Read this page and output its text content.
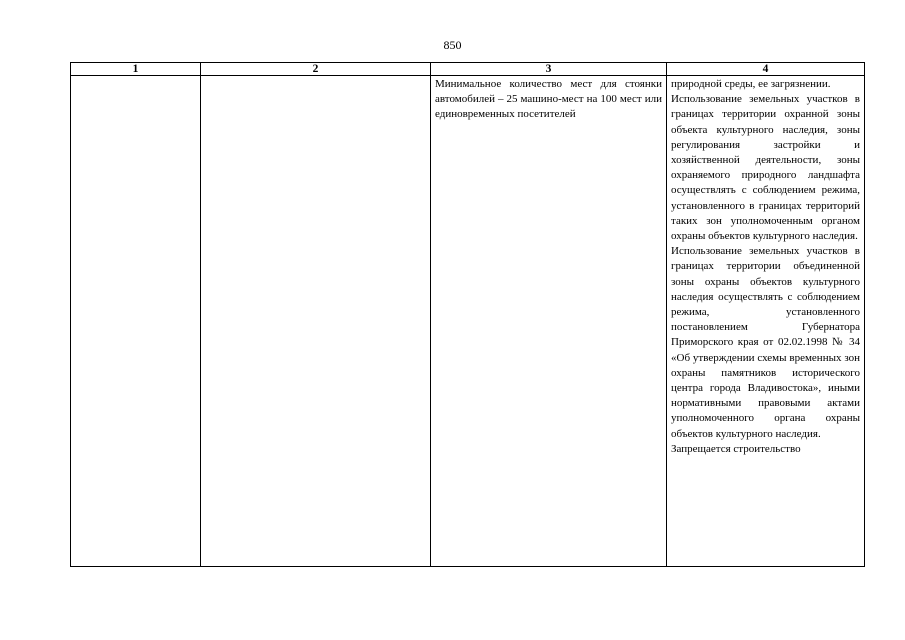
850
1	2	3	4

		Минимальное количество мест для стоянки автомобилей – 25 машино-мест на 100 мест или единовременных посетителей	природной среды, ее загрязнении.

Использование земельных участков в границах территории охранной зоны объекта культурного наследия, зоны регулирования застройки и хозяйственной деятельности, зоны охраняемого природного ландшафта осуществлять с соблюдением режима, установленного в границах территорий таких зон уполномоченным органом охраны объектов культурного наследия.

Использование земельных участков в границах территории объединенной зоны охраны объектов культурного наследия осуществлять с соблюдением режима, установленного постановлением Губернатора Приморского края от 02.02.1998 № 34 «Об утверждении схемы временных зон охраны памятников исторического центра города Владивостока», иными нормативными правовыми актами уполномоченного органа охраны объектов культурного наследия.

Запрещается строительство
